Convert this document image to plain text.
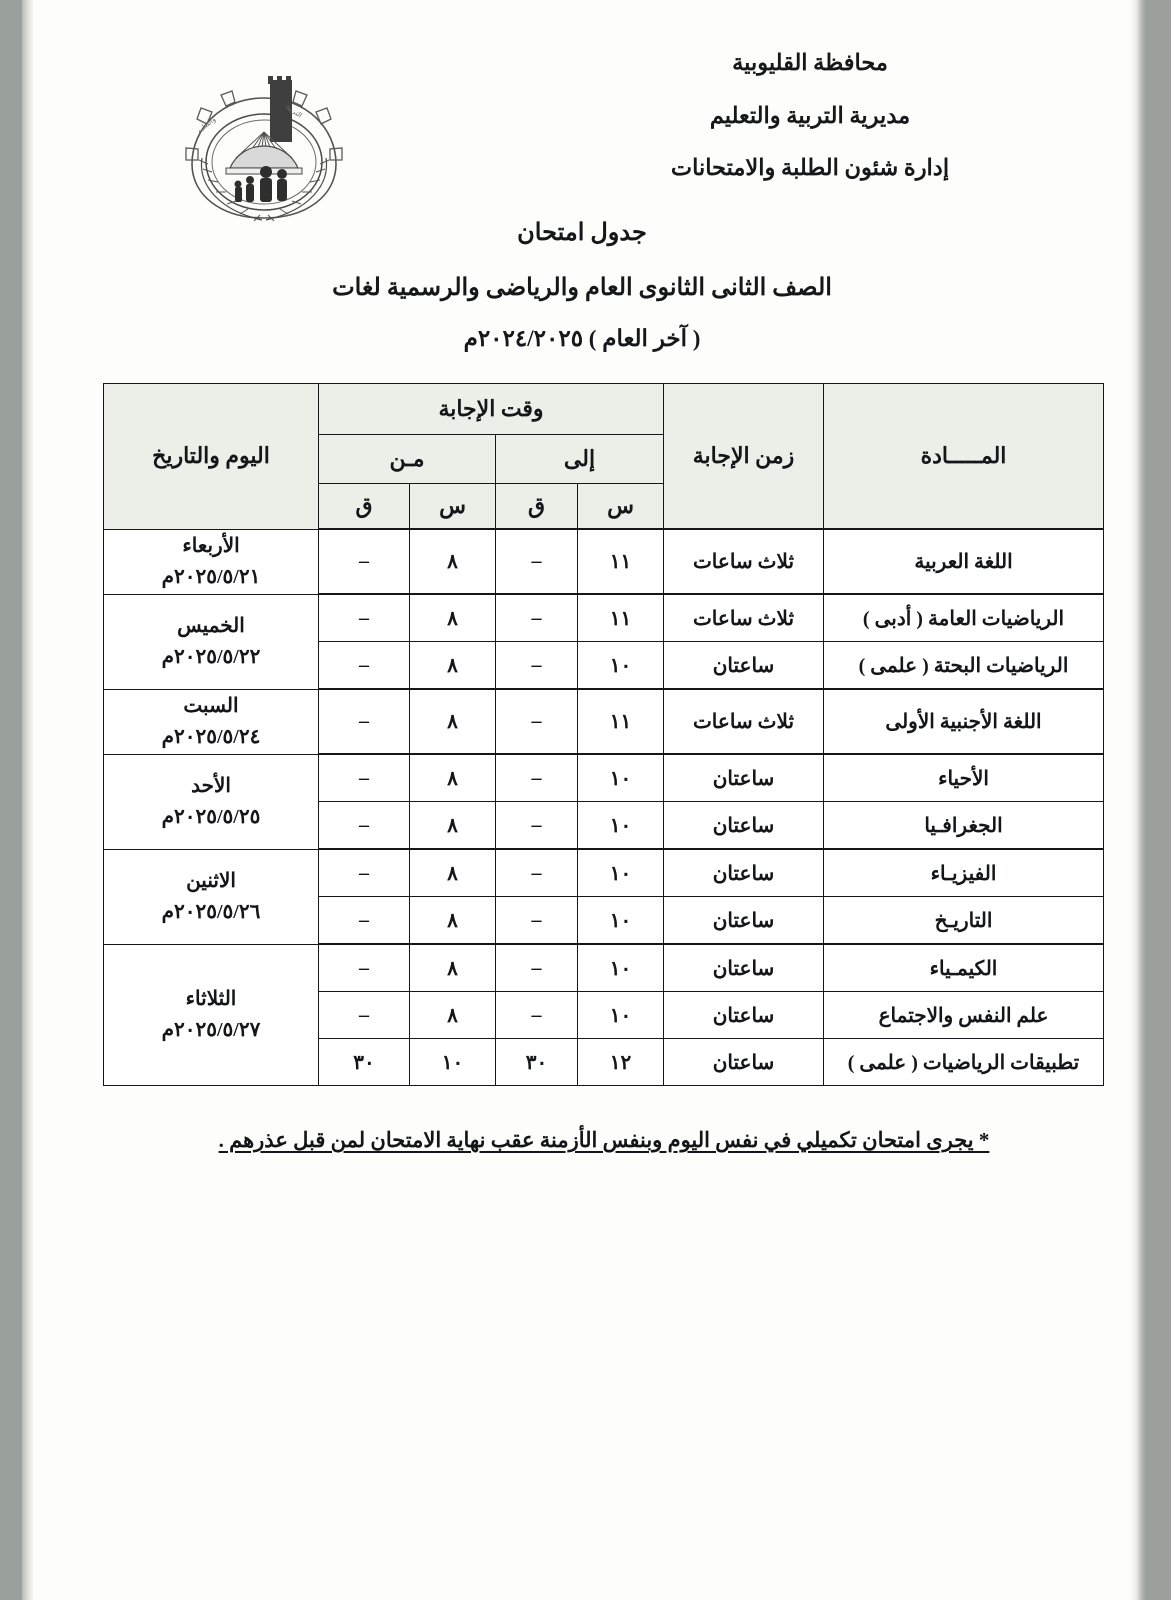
والتعليم
التربية
محافظة القليوبية
مديرية التربية والتعليم
إدارة شئون الطلبة والامتحانات
جدول امتحان
الصف الثانى الثانوى العام والرياضى والرسمية لغات
( آخر العام ) ٢٠٢٤/٢٠٢٥م
المـــــادة	زمن الإجابة	وقت الإجابة				اليوم والتاريخ
		إلى		مـن		
		س	ق	س	ق	
اللغة العربية	ثلاث ساعات	١١	–	٨	–	الأربعاء
٢٠٢٥/٥/٢١م

الرياضيات العامة ( أدبى )	ثلاث ساعات	١١	–	٨	–	الخميس
٢٠٢٥/٥/٢٢م

الرياضيات البحتة ( علمى )	ساعتان	١٠	–	٨	–	
اللغة الأجنبية الأولى	ثلاث ساعات	١١	–	٨	–	السبت
٢٠٢٥/٥/٢٤م

الأحياء	ساعتان	١٠	–	٨	–	الأحد
٢٠٢٥/٥/٢٥م

الجغرافـيا	ساعتان	١٠	–	٨	–	
الفيزيـاء	ساعتان	١٠	–	٨	–	الاثنين
٢٠٢٥/٥/٢٦م

التاريـخ	ساعتان	١٠	–	٨	–	
الكيمـياء	ساعتان	١٠	–	٨	–	الثلاثاء
٢٠٢٥/٥/٢٧م

علم النفس والاجتماع	ساعتان	١٠	–	٨	–	
تطبيقات الرياضيات ( علمى )	ساعتان	١٢	٣٠	١٠	٣٠	
* يجرى امتحان تكميلي في نفس اليوم وبنفس الأزمنة عقب نهاية الامتحان لمن قبل عذرهم .
